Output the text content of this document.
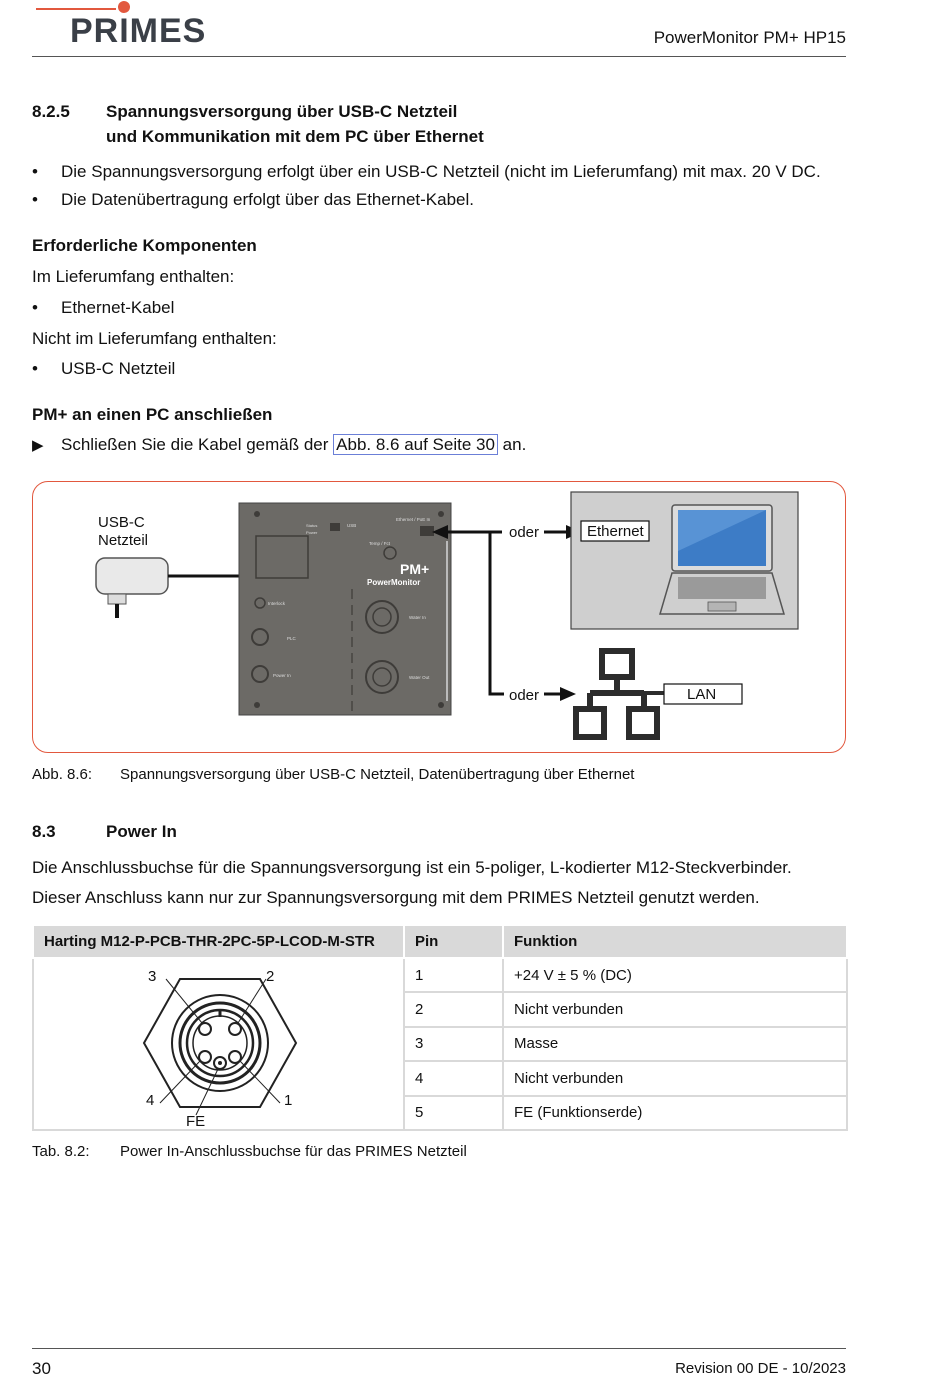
PRIMES	PowerMonitor PM+ HP15
8.2.5 Spannungsversorgung über USB-C Netzteil
und Kommunikation mit dem PC über Ethernet
• Die Spannungsversorgung erfolgt über ein USB-C Netzteil (nicht im Lieferumfang) mit max. 20 V DC.
• Die Datenübertragung erfolgt über das Ethernet-Kabel.
Erforderliche Komponenten
Im Lieferumfang enthalten:
• Ethernet-Kabel
Nicht im Lieferumfang enthalten:
• USB-C Netzteil
PM+ an einen PC anschließen
▶ Schließen Sie die Kabel gemäß der Abb. 8.6 auf Seite 30 an.
USB-C
Netzteil
PM+
PowerMonitor
Ethernet / PoE In
USB
Status
Power
Temp / Fct
Interlock
PLC
Power In
Water In
Water Out
oder
oder
Ethernet
LAN
Abb. 8.6: Spannungsversorgung über USB-C Netzteil, Datenübertragung über Ethernet
8.3	Power In
Die Anschlussbuchse für die Spannungsversorgung ist ein 5-poliger, L-kodierter M12-Steckverbinder.
Dieser Anschluss kann nur zur Spannungsversorgung mit dem PRIMES Netzteil genutzt werden.
Harting M12-P-PCB-THR-2PC-5P-LCOD-M-STR	Pin	Funktion

3 2
4 1
FE	1	+24 V ± 5 % (DC)
	2	Nicht verbunden
	3	Masse
	4	Nicht verbunden
	5	FE (Funktionserde)
Tab. 8.2: Power In-Anschlussbuchse für das PRIMES Netzteil
30	Revision 00 DE - 10/2023
